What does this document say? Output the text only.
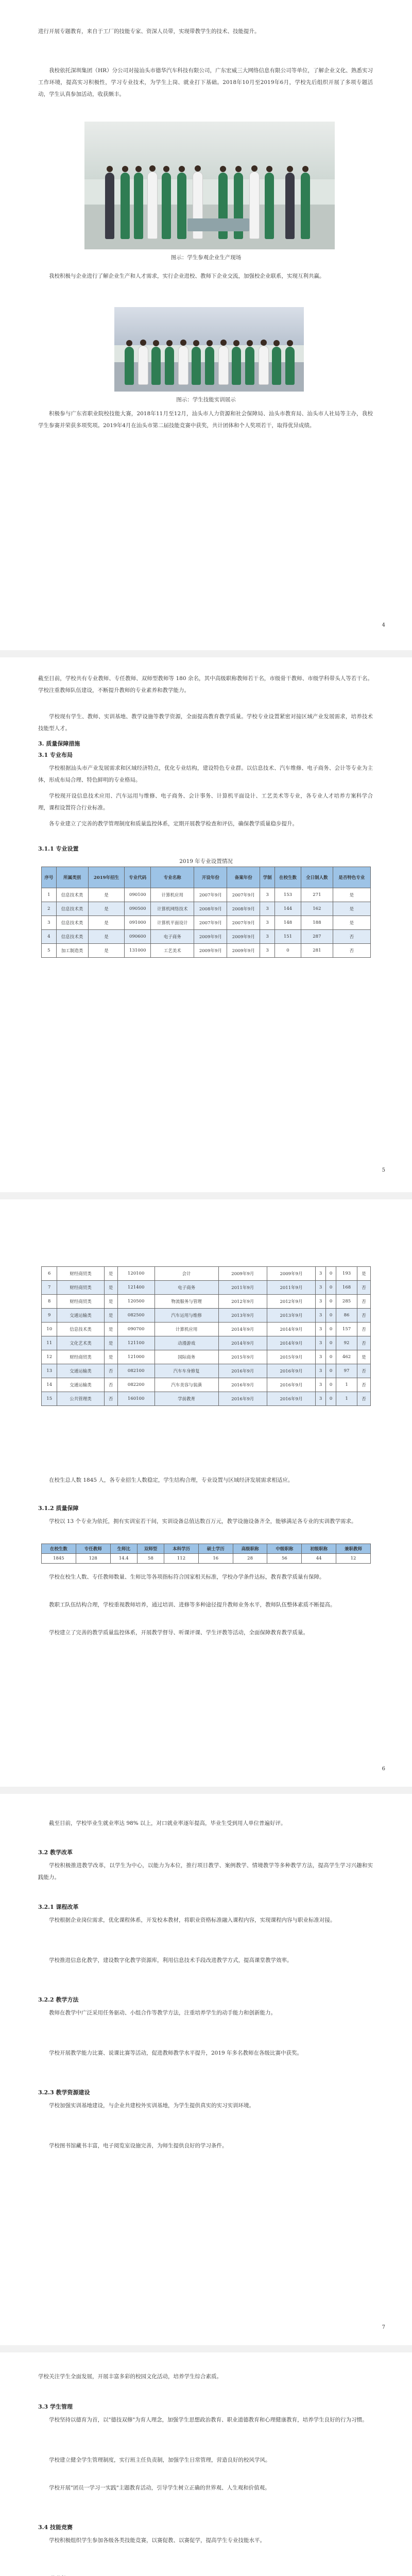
进行开展专题教育，来自于工厂的技能专家、资深人员带，实现带教学生的技术、技能提升。

我校依托深圳集团（HR）分公司对接汕头市德华汽车科技有限公司，广东宏威三大网络信息有限公司等单位，了解企业文化、熟悉实习工作环境，提高实习积极性，学习专业技术，为学生上岗、就业打下基础。2018年10月至2019年6月，学校先后组织开展了多项专题活动，学生认真参加活动，收获颇丰。

图示：学生参观企业生产现场

我校积极与企业进行了解企业生产和人才需求，实行企业进校、教师下企业交流，加强校企业联系，实现互利共赢。

图示：学生技能实训展示

积极参与广东省职业院校技能大赛，2018年11月至12月，汕头市人力资源和社会保障局、汕头市教育局、汕头市人社局等主办，我校学生参赛并荣获多项奖项。2019年4月在汕头市第二届技能竞赛中获奖，共计团体和个人奖项若干，取得优异成绩。

4

截至目前，学校共有专业教师、专任教师、双师型教师等 180 余名，其中高级职称教师若干名，市级骨干教师、市级学科带头人等若干名。学校注重教师队伍建设，不断提升教师的专业素养和教学能力。

学校现有学生、教师、实训基地、教学设施等教学资源，全面提高教育教学质量。学校专业设置紧密对接区域产业发展需求，培养技术技能型人才。

3. 质量保障措施

3.1 专业布局

学校根据汕头市产业发展需求和区域经济特点，优化专业结构，建设特色专业群。以信息技术、汽车维修、电子商务、会计等专业为主体，形成布局合理、特色鲜明的专业格局。

学校现开设信息技术应用、汽车运用与维修、电子商务、会计事务、计算机平面设计、工艺美术等专业，各专业人才培养方案科学合理，课程设置符合行业标准。

各专业建立了完善的教学管理制度和质量监控体系，定期开展教学检查和评估，确保教学质量稳步提升。

3.1.1 专业设置

2019 年专业设置情况

序号	所属类别	2019年招生	专业代码	专业名称	开设年份	备案年份	学制	在校生数	全日制人数	是否特色专业
1	信息技术类	是	090100	计算机应用	2007年9月	2007年9月	3	153	271	是
2	信息技术类	是	090500	计算机网络技术	2008年9月	2008年9月	3	144	162	是
3	信息技术类	是	091000	计算机平面设计	2007年9月	2007年9月	3	148	188	是
4	信息技术类	是	090600	电子商务	2009年9月	2009年9月	3	151	287	否
5	加工制造类	是	131000	工艺美术	2009年9月	2009年9月	3	0	281	否
5
6	财经商贸类	是	120100	会计	2009年9月	2009年9月	3	0	193	是
7	财经商贸类	是	121400	电子商务	2011年9月	2011年9月	3	0	168	否
8	财经商贸类	是	120500	物流服务与管理	2012年9月	2012年9月	3	0	285	否
9	交通运输类	是	082500	汽车运用与维修	2013年9月	2013年9月	3	0	86	否
10	信息技术类	是	090700	计算机应用	2014年9月	2014年9月	3	0	157	否
11	文化艺术类	是	121100	动漫游戏	2014年9月	2014年9月	3	0	92	否
12	财经商贸类	是	121000	国际商务	2015年9月	2015年9月	3	0	462	是
13	交通运输类	否	082100	汽车车身修复	2016年9月	2016年9月	3	0	97	否
14	交通运输类	否	082200	汽车美容与装潢	2016年9月	2016年9月	3	0	1	否
15	公共管理类	否	160100	学前教育	2016年9月	2016年9月	3	0	1	否

在校生总人数 1845 人，各专业招生人数稳定，学生结构合理，专业设置与区域经济发展需求相适应。

3.1.2 质量保障

学校以 13 个专业为依托，拥有实训室若干间，实训设备总值达数百万元，教学设施设备齐全，能够满足各专业的实训教学需求。

在校生数	专任教师	生师比	双师型	本科学历	硕士学历	高级职称	中级职称	初级职称	兼职教师
1845	128	14.4	58	112	16	28	56	44	12

学校在校生人数、专任教师数量、生师比等各项指标符合国家相关标准，学校办学条件达标，教育教学质量有保障。

教职工队伍结构合理，学校重视教师培养，通过培训、进修等多种途径提升教师业务水平，教师队伍整体素质不断提高。

学校建立了完善的教学质量监控体系，开展教学督导、听课评课、学生评教等活动，全面保障教育教学质量。

6

截至目前，学校毕业生就业率达 98% 以上，对口就业率逐年提高，毕业生受到用人单位普遍好评。

3.2 教学改革

学校积极推进教学改革，以学生为中心，以能力为本位，推行项目教学、案例教学、情境教学等多种教学方法，提高学生学习兴趣和实践能力。

3.2.1 课程改革

学校根据企业岗位需求，优化课程体系，开发校本教材，将职业资格标准融入课程内容，实现课程内容与职业标准对接。

学校推进信息化教学，建设数字化教学资源库，利用信息技术手段改进教学方式，提高课堂教学效率。

3.2.2 教学方法

教师在教学中广泛采用任务驱动、小组合作等教学方法，注重培养学生的动手能力和创新能力。

学校开展教学能力比赛、说课比赛等活动，促进教师教学水平提升，2019 年多名教师在各级比赛中获奖。

3.2.3 教学资源建设

学校加强实训基地建设，与企业共建校外实训基地，为学生提供真实的实习实训环境。

学校图书馆藏书丰富，电子阅览室设施完善，为师生提供良好的学习条件。

7

学校关注学生全面发展，开展丰富多彩的校园文化活动，培养学生综合素质。

3.3 学生管理

学校坚持以德育为首，以"德技双修"为育人理念，加强学生思想政治教育、职业道德教育和心理健康教育，培养学生良好的行为习惯。

学校建立健全学生管理制度，实行班主任负责制，加强学生日常管理，营造良好的校风学风。

学校开展"团员一学习一实践"主题教育活动，引导学生树立正确的世界观、人生观和价值观。

3.4 技能竞赛

学校积极组织学生参加各级各类技能竞赛，以赛促教、以赛促学，提高学生专业技能水平。
